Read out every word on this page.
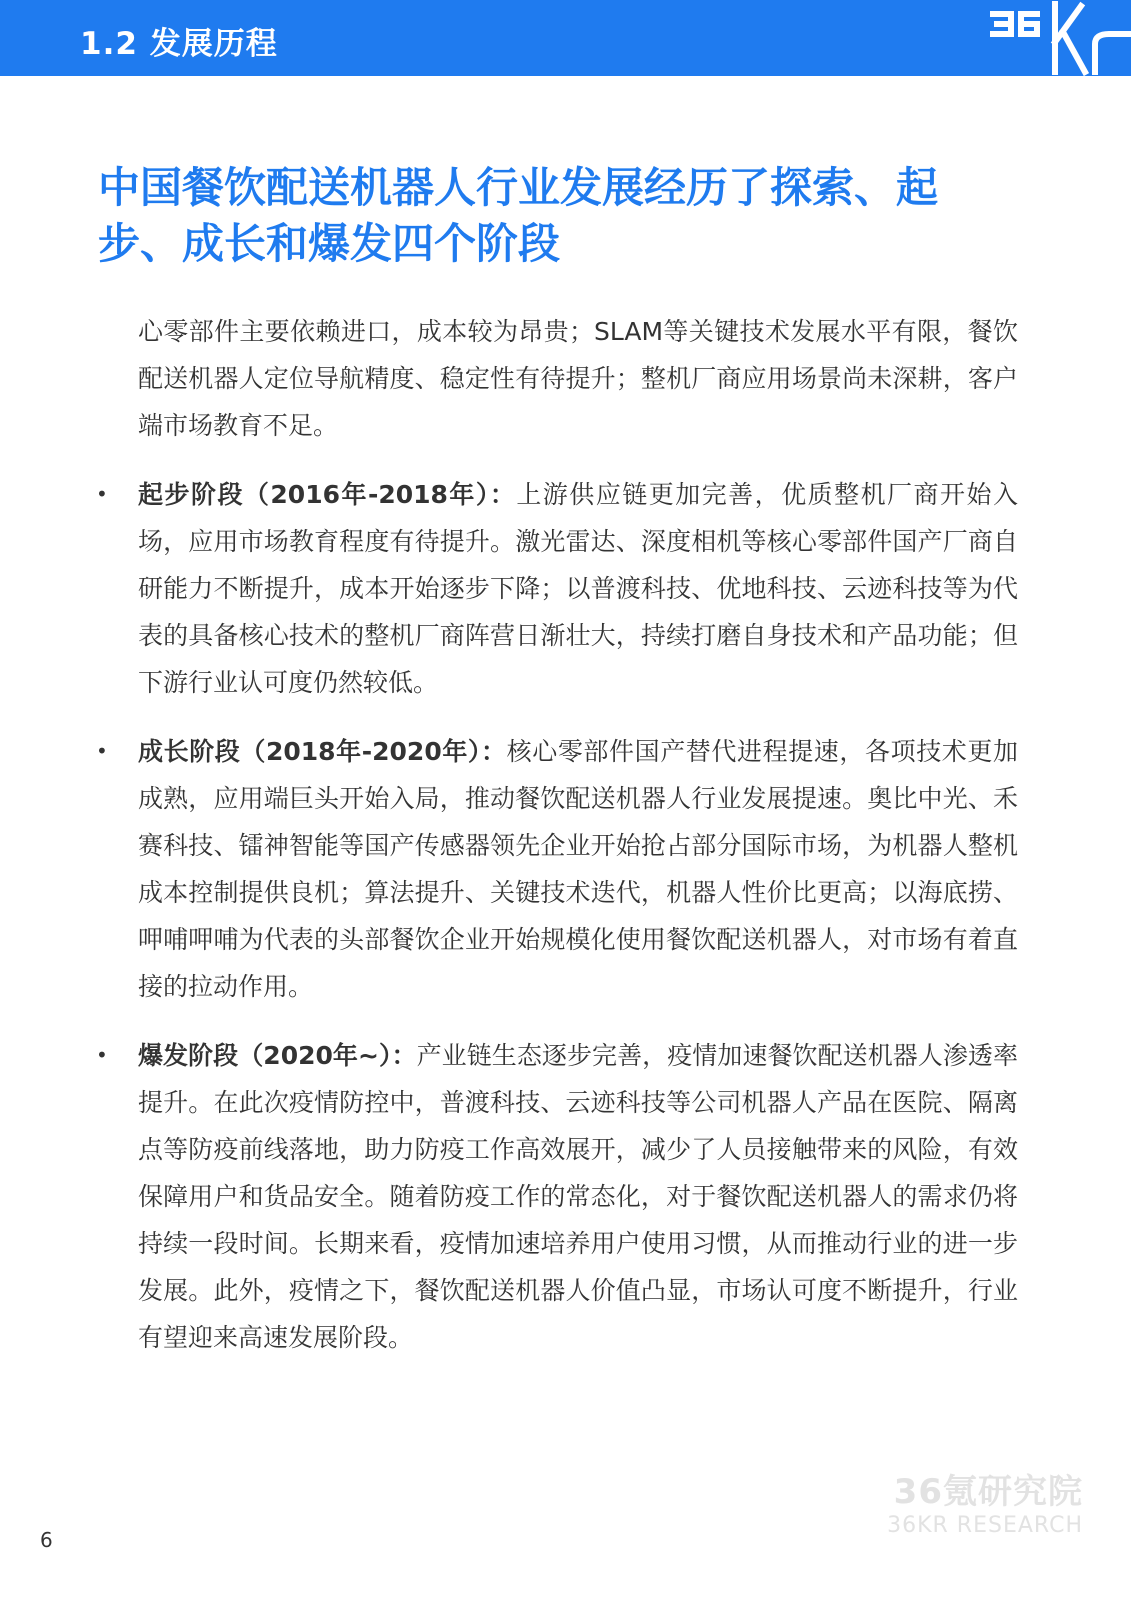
1.2 发展历程
中国餐饮配送机器人行业发展经历了探索、起步、成长和爆发四个阶段

心零部件主要依赖进口，成本较为昂贵；SLAM等关键技术发展水平有限，餐饮配送机器人定位导航精度、稳定性有待提升；整机厂商应用场景尚未深耕，客户端市场教育不足。

•	起步阶段（2016年-2018年）：上游供应链更加完善，优质整机厂商开始入场，应用市场教育程度有待提升。激光雷达、深度相机等核心零部件国产厂商自研能力不断提升，成本开始逐步下降；以普渡科技、优地科技、云迹科技等为代表的具备核心技术的整机厂商阵营日渐壮大，持续打磨自身技术和产品功能；但下游行业认可度仍然较低。

•	成长阶段（2018年-2020年）：核心零部件国产替代进程提速，各项技术更加成熟，应用端巨头开始入局，推动餐饮配送机器人行业发展提速。奥比中光、禾赛科技、镭神智能等国产传感器领先企业开始抢占部分国际市场，为机器人整机成本控制提供良机；算法提升、关键技术迭代，机器人性价比更高；以海底捞、呷哺呷哺为代表的头部餐饮企业开始规模化使用餐饮配送机器人，对市场有着直接的拉动作用。

•	爆发阶段（2020年~）：产业链生态逐步完善，疫情加速餐饮配送机器人渗透率提升。在此次疫情防控中，普渡科技、云迹科技等公司机器人产品在医院、隔离点等防疫前线落地，助力防疫工作高效展开，减少了人员接触带来的风险，有效保障用户和货品安全。随着防疫工作的常态化，对于餐饮配送机器人的需求仍将持续一段时间。长期来看，疫情加速培养用户使用习惯，从而推动行业的进一步发展。此外，疫情之下，餐饮配送机器人价值凸显，市场认可度不断提升，行业有望迎来高速发展阶段。

36氪研究院
36KR RESEARCH
6
